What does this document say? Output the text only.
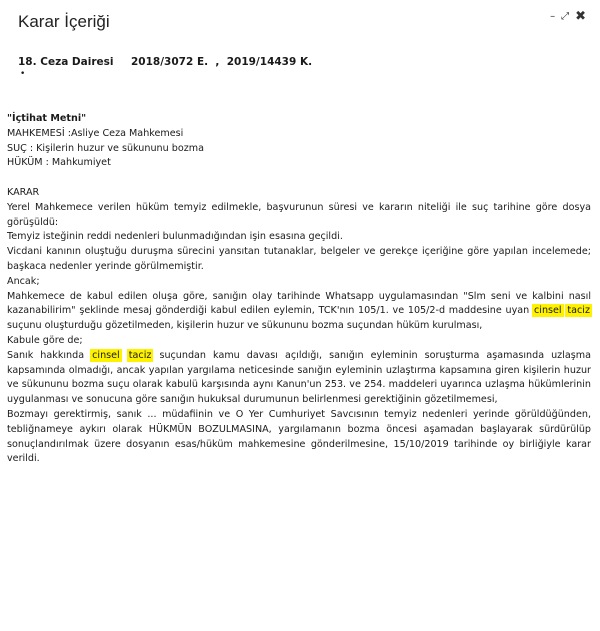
Karar İçeriği	– ⤢ ✖
18. Ceza Dairesi 2018/3072 E.  ,  2019/14439 K.
•

"İçtihat Metni"

MAHKEMESİ :Asliye Ceza Mahkemesi

SUÇ : Kişilerin huzur ve sükununu bozma

HÜKÜM : Mahkumiyet

KARAR

Yerel Mahkemece verilen hüküm temyiz edilmekle, başvurunun süresi ve kararın niteliği ile suç tarihine göre dosya görüşüldü:

Temyiz isteğinin reddi nedenleri bulunmadığından işin esasına geçildi.

Vicdani kanının oluştuğu duruşma sürecini yansıtan tutanaklar, belgeler ve gerekçe içeriğine göre yapılan incelemede; başkaca nedenler yerinde görülmemiştir.

Ancak;

Mahkemece de kabul edilen oluşa göre, sanığın olay tarihinde Whatsapp uygulamasından "Slm seni ve kalbini nasıl kazanabilirim" şeklinde mesaj gönderdiği kabul edilen eylemin, TCK'nın 105/1. ve 105/2-d maddesine uyan cinsel taciz suçunu oluşturduğu gözetilmeden, kişilerin huzur ve sükununu bozma suçundan hüküm kurulması,

Kabule göre de;

Sanık hakkında cinsel taciz suçundan kamu davası açıldığı, sanığın eyleminin soruşturma aşamasında uzlaşma kapsamında olmadığı, ancak yapılan yargılama neticesinde sanığın eyleminin uzlaştırma kapsamına giren kişilerin huzur ve sükununu bozma suçu olarak kabulü karşısında aynı Kanun'un 253. ve 254. maddeleri uyarınca uzlaşma hükümlerinin uygulanması ve sonucuna göre sanığın hukuksal durumunun belirlenmesi gerektiğinin gözetilmemesi,

Bozmayı gerektirmiş, sanık ... müdafiinin ve O Yer Cumhuriyet Savcısının temyiz nedenleri yerinde görüldüğünden, tebliğnameye aykırı olarak HÜKMÜN BOZULMASINA, yargılamanın bozma öncesi aşamadan başlayarak sürdürülüp sonuçlandırılmak üzere dosyanın esas/hüküm mahkemesine gönderilmesine, 15/10/2019 tarihinde oy birliğiyle karar verildi.
